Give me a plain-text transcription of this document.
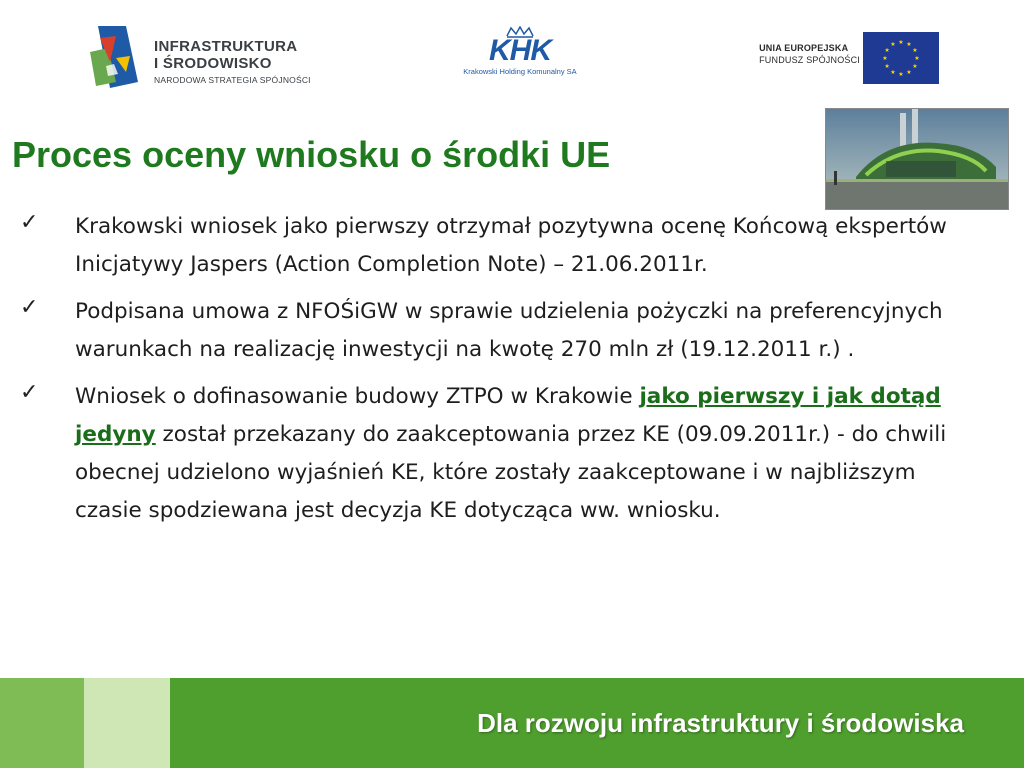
INFRASTRUKTURA
I ŚRODOWISKO
NARODOWA STRATEGIA SPÓJNOŚCI
KHK
Krakowski Holding Komunalny SA
UNIA EUROPEJSKA
FUNDUSZ SPÓJNOŚCI
★ ★
★
★
★
★
★
★
★
★
★
★
Proces oceny wniosku o środki UE
✓ Krakowski wniosek jako pierwszy otrzymał pozytywna ocenę Końcową ekspertów Inicjatywy Jaspers (Action Completion Note) – 21.06.2011r.
✓ Podpisana umowa z NFOŚiGW w sprawie udzielenia pożyczki na preferencyjnych warunkach na realizację inwestycji na kwotę 270 mln zł (19.12.2011 r.) .
✓ Wniosek o dofinasowanie budowy ZTPO w Krakowie jako pierwszy i jak dotąd jedyny został przekazany do zaakceptowania przez KE (09.09.2011r.) - do chwili obecnej udzielono wyjaśnień KE, które zostały zaakceptowane i w najbliższym czasie spodziewana jest decyzja KE dotycząca ww. wniosku.
Dla rozwoju infrastruktury i środowiska
